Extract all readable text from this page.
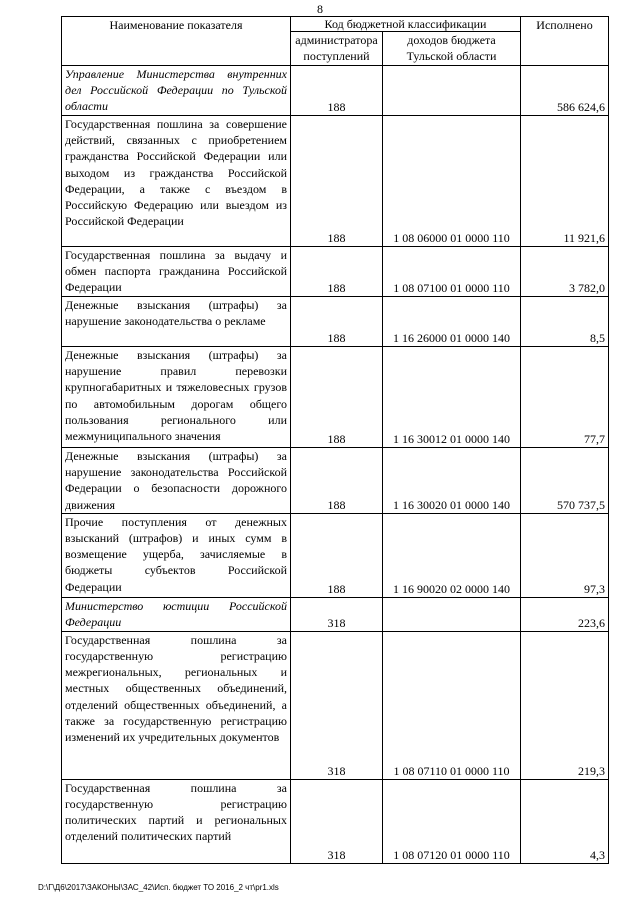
8
Наименование показателя	Код бюджетной классификации		Исполнено
	администратора поступлений	доходов бюджета Тульской области	
Управление Министерства внутренних дел Российской Федерации по Тульской области	188		586 624,6
Государственная пошлина за совершение действий, связанных с приобретением гражданства Российской Федерации или выходом из гражданства Российской Федерации, а также с въездом в Российскую Федерацию или выездом из Российской Федерации	188	1 08 06000 01 0000 110	11 921,6
Государственная пошлина за выдачу и обмен паспорта гражданина Российской Федерации	188	1 08 07100 01 0000 110	3 782,0
Денежные взыскания (штрафы) за нарушение законодательства о рекламе	188	1 16 26000 01 0000 140	8,5
Денежные взыскания (штрафы) за нарушение правил перевозки крупногабаритных и тяжеловесных грузов по автомобильным дорогам общего пользования регионального или межмуниципального значения	188	1 16 30012 01 0000 140	77,7
Денежные взыскания (штрафы) за нарушение законодательства Российской Федерации о безопасности дорожного движения	188	1 16 30020 01 0000 140	570 737,5
Прочие поступления от денежных взысканий (штрафов) и иных сумм в возмещение ущерба, зачисляемые в бюджеты субъектов Российской Федерации	188	1 16 90020 02 0000 140	97,3
Министерство юстиции Российской Федерации	318		223,6
Государственная пошлина за государственную регистрацию межрегиональных, региональных и местных общественных объединений, отделений общественных объединений, а также за государственную регистрацию изменений их учредительных документов	318	1 08 07110 01 0000 110	219,3
Государственная пошлина за государственную регистрацию политических партий и региональных отделений политических партий	318	1 08 07120 01 0000 110	4,3
D:\Г\Д6\2017\ЗАКОНЫ\ЗАС_42\Исп. бюджет ТО 2016_2 чт\pr1.xls
